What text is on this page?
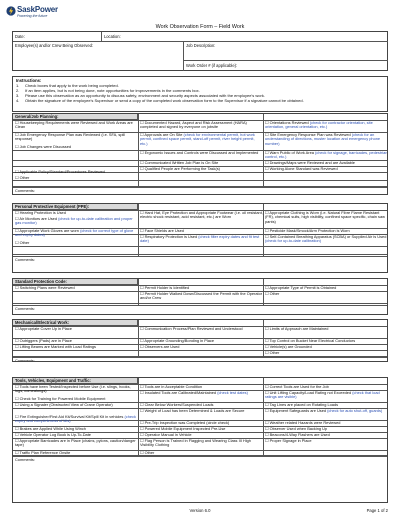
SaskPower
Powering the future
Work Observation Form – Field Work
Date:	Location:
Employee(s) and/or Crew Being Observed:	Job Description:
Work Order # (if applicable):
Instructions:
1. Check boxes that apply to the work being completed.
2. If an item applies, but is not being done, note opportunities for improvements in the comments box.
3. Please use this observation as an opportunity to discuss safety, environment and security aspects associated with the employee's work.
4. Obtain the signature of the employee's Supervisor or send a copy of the completed work observation form to the Supervisor if a signature cannot be obtained.
General/Job Planning:
☐ Housekeeping Requirements were Reviewed and Work Areas are Clean
☐ Job Emergency Response Plan was Reviewed (i.e. SFA, spill response)
☐ Job Changes were Discussed
☐ Applicable Policy/Standard/Procedures Reviewed
☐ Other
☐ Documented Hazard, Aspect and Risk Assessment (HARA) completed and signed by everyone on jobsite
☐ Approvals are On Site (check for environmental permit, hot work permit, confined space permit, stand-off permit, river height permit, etc.)
☐ Ergonomic Issues and Controls were Discussed and Implemented
☐ Communicated Written Job Plan is On Site
☐ Qualified People are Performing the Task(s)
☐ Orientations Reviewed (check for contractor orientation, site orientation, general orientation, etc.)
☐ Site Emergency Response Plan was Reviewed (check for an understanding of directions, muster location and emergency phone number)
☐ Warn Public of Work Area (check for signage, barricades, pedestrian control, etc.)
☐ Drawings/Maps were Reviewed and are Available
☐ Working Alone Standard was Reviewed
Comments:
Personal Protective Equipment (PPE):
☐ Hearing Protection is Used
☐ Air Monitors are Used (check for up-to-date calibration and proper gas monitor)
☐ Appropriate Work Gloves are worn (check for correct type of glove and expiry dates)
☐ Other
☐ Hard Hat, Eye Protection and Appropriate Footwear (i.e. oil resistant, electric shock resistant, acid resistant, etc.) are Worn
☐ Face Shields are Used
☐ Respiratory Protection is Used (check filter expiry dates and fit test date)
☐ Appropriate Clothing is Worn (i.e. Natural Fibre Flame Resistant (FR), chemical suits, high visibility, confined space specific, chain saw pants)
☐ Pesticide Mask/Smock/Arm Protection is Worn
☐ Self-Contained Breathing Apparatus (SCBA) or Supplied Air is Used (check for up-to-date calibration)
Comments:
Standard Protection Code:
☐ Switching Plans were Reviewed	☐ Permit Holder is Identified
☐ Permit Holder Walked Down/Discussed the Permit with the Operator and/or Crew
☐ Appropriate Type of Permit is Obtained
☐ Other
Comments:
Mechanical/Electrical Work:
☐ Appropriate Cover Up in Place
☐ Outriggers (Pads) are in Place
☐ Lifting Beams are Marked with Load Ratings
☐ Communication Process/Plan Reviewed and Understood
☐ Appropriate Grounding/Bonding in Place
☐ Observers are Used
☐ Limits of Approach are Maintained
☐ Top Control on Bucket Near Electrical Conductors
☐ Vehicle(s) are Grounded
☐ Other
Comments:
Tools, Vehicles, Equipment and Traffic:
☐ Tools have been Tested/Inspected before Use (i.e. slings, hooks, lugs, comealongs)
☐ Check for Training for Powered Mobile Equipment
☐ Using a Signaler (Obstructed View of Crane Operator)
☐ Fire Extinguisher/First Aid Kit/Survival Kit/Spill Kit in vehicles (check expiry and completeness of kits)
☐ Brakes are Applied While Using Winch
☐ Vehicle Operator Log Book is Up-To-Date
☐ Appropriate Barricades are in Place (chains, pylons, caution/danger tape)
☐ Traffic Plan Reference Onsite
☐ Tools are in Acceptable Condition
☐ Insulated Tools are Calibrated/Maintained (check test dates)
☐ Clear Below Workers/Suspended Loads
☐ Weight of Load has been Determined & Loads are Secure
☐ Pre-Trip Inspection was Completed (circle check)
☐ Powered Mobile Equipment Inspected Pre-Use
☐ Operator Manual in Vehicle
☐ Flag Person is Trained in Flagging and Wearing Class III High Visibility Clothing
☐ Other
☐ Correct Tools are Used for the Job
☐ Unit Lifting Capacity/Load Rating not Exceeded (check that load ratings are visible)
☐ Tag Lines are placed on Rotating Loads
☐ Equipment Safeguards are Used (check for auto shut-off, guards)
☐ Weather related Hazards were Reviewed
☐ Observer Used when Backing Up
☐ Beacons/4-Way Flashers are Used
☐ Proper Signage in Place
Comments:
Version 6.0	Page 1 of 2
